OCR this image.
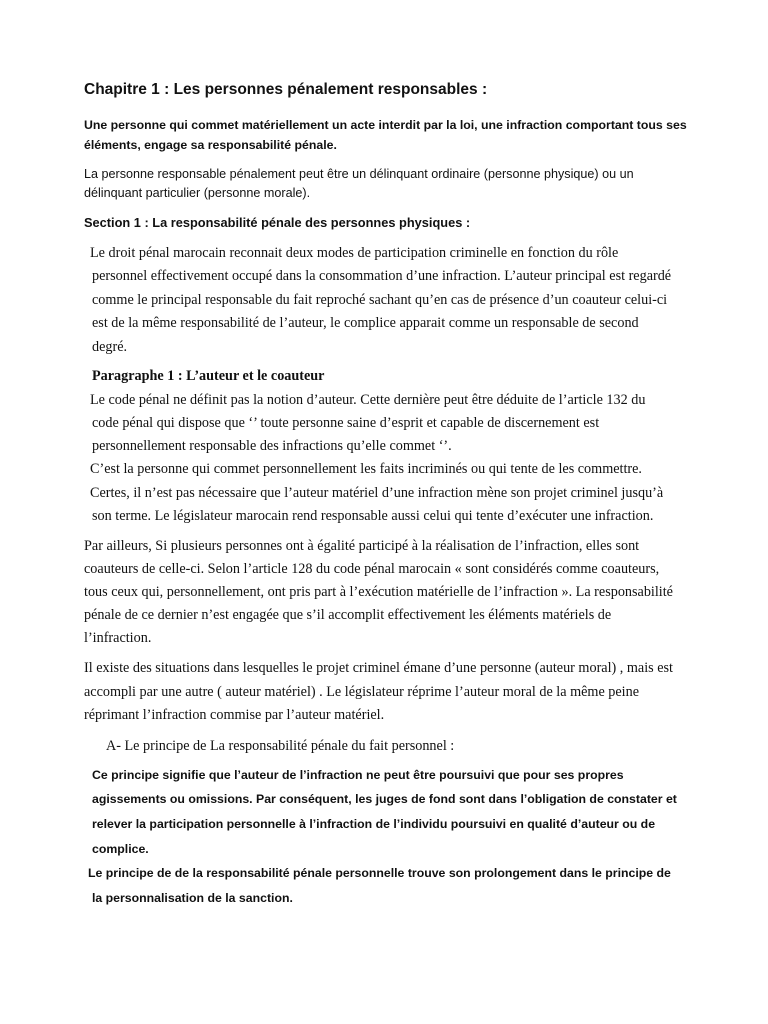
Chapitre 1 : Les personnes pénalement responsables :

Une personne qui commet matériellement un acte interdit par la loi, une infraction comportant tous ses

éléments, engage sa responsabilité pénale.

La personne responsable pénalement peut être un délinquant ordinaire (personne physique) ou un

délinquant particulier (personne morale).

Section 1 : La responsabilité pénale des personnes physiques :

Le droit pénal marocain reconnait deux modes de participation criminelle en fonction du rôle

personnel effectivement occupé dans la consommation d’une infraction. L’auteur principal est regardé

comme le principal responsable du fait reproché sachant qu’en cas de présence d’un coauteur celui-ci

est de la même responsabilité de l’auteur, le complice apparait comme un responsable de second

degré.

Paragraphe 1 : L’auteur et le coauteur

Le code pénal ne définit pas la notion d’auteur. Cette dernière peut être déduite de l’article 132 du

code pénal qui dispose que ‘’ toute personne saine d’esprit et capable de discernement est

personnellement responsable des infractions qu’elle commet ‘’.

C’est la personne qui commet personnellement les faits incriminés ou qui tente de les commettre.

Certes, il n’est pas nécessaire que l’auteur matériel d’une infraction mène son projet criminel jusqu’à

son terme. Le législateur marocain rend responsable aussi celui qui tente d’exécuter une infraction.

Par ailleurs, Si plusieurs personnes ont à égalité participé à la réalisation de l’infraction, elles sont

coauteurs de celle-ci. Selon l’article 128 du code pénal marocain « sont considérés comme coauteurs,

tous ceux qui, personnellement, ont pris part à l’exécution matérielle de l’infraction ». La responsabilité

pénale de ce dernier n’est engagée que s’il accomplit effectivement les éléments matériels de

l’infraction.

Il existe des situations dans lesquelles le projet criminel émane d’une personne (auteur moral) , mais est

accompli par une autre ( auteur matériel) . Le législateur réprime l’auteur moral de la même peine

réprimant l’infraction commise par l’auteur matériel.

A- Le principe de La responsabilité pénale du fait personnel :

Ce principe signifie que l’auteur de l’infraction ne peut être poursuivi que pour ses propres

agissements ou omissions. Par conséquent, les juges de fond sont dans l’obligation de constater et

relever la participation personnelle à l’infraction de l’individu poursuivi en qualité d’auteur ou de

complice.

Le principe de de la responsabilité pénale personnelle trouve son prolongement dans le principe de

la personnalisation de la sanction.
